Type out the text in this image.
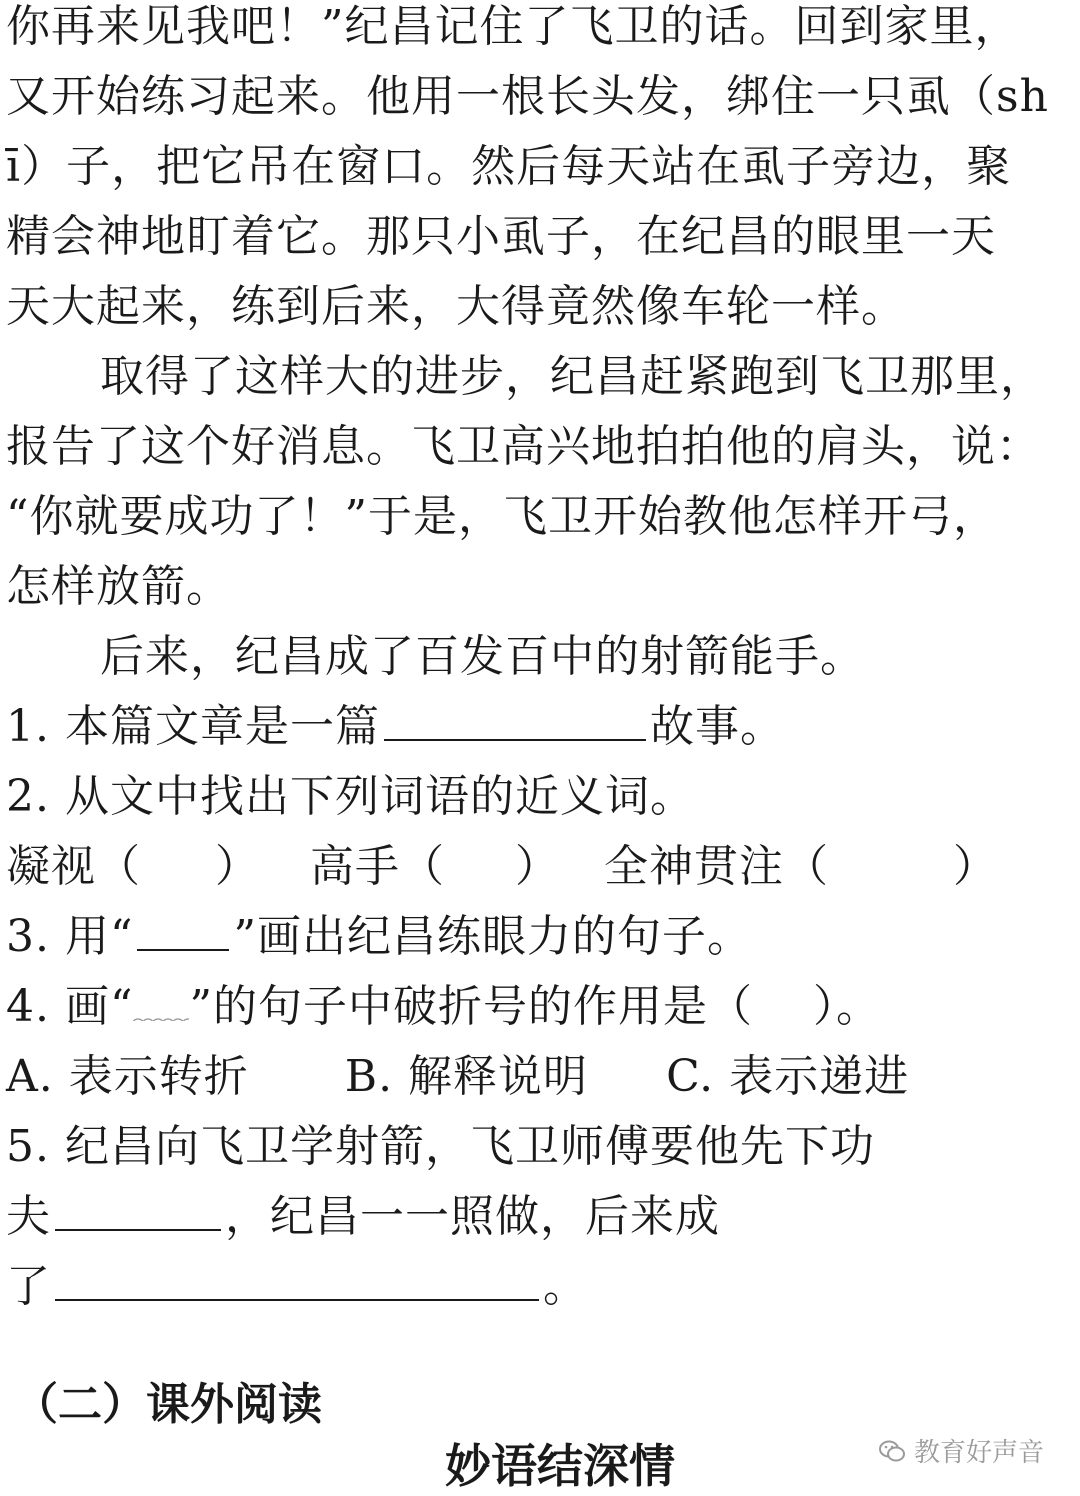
你再来见我吧！”纪昌记住了飞卫的话。回到家里，
又开始练习起来。他用一根长头发，绑住一只虱（sh
ī）子，把它吊在窗口。然后每天站在虱子旁边，聚
精会神地盯着它。那只小虱子，在纪昌的眼里一天
天大起来，练到后来，大得竟然像车轮一样。
取得了这样大的进步，纪昌赶紧跑到飞卫那里，
报告了这个好消息。飞卫高兴地拍拍他的肩头，说：
“你就要成功了！”于是，飞卫开始教他怎样开弓，
怎样放箭。
后来，纪昌成了百发百中的射箭能手。
1. 本篇文章是一篇	故事。
2. 从文中找出下列词语的近义词。
凝视（ ） 高手（ ） 全神贯注（	）
3. 用“ ”画出纪昌练眼力的句子。
4. 画“ ”的句子中破折号的作用是（ ）。
A. 表示转折 B. 解释说明 C. 表示递进
5. 纪昌向飞卫学射箭，飞卫师傅要他先下功
夫	，纪昌一一照做，后来成
了	。
（二）课外阅读
妙语结深情	教育好声音
